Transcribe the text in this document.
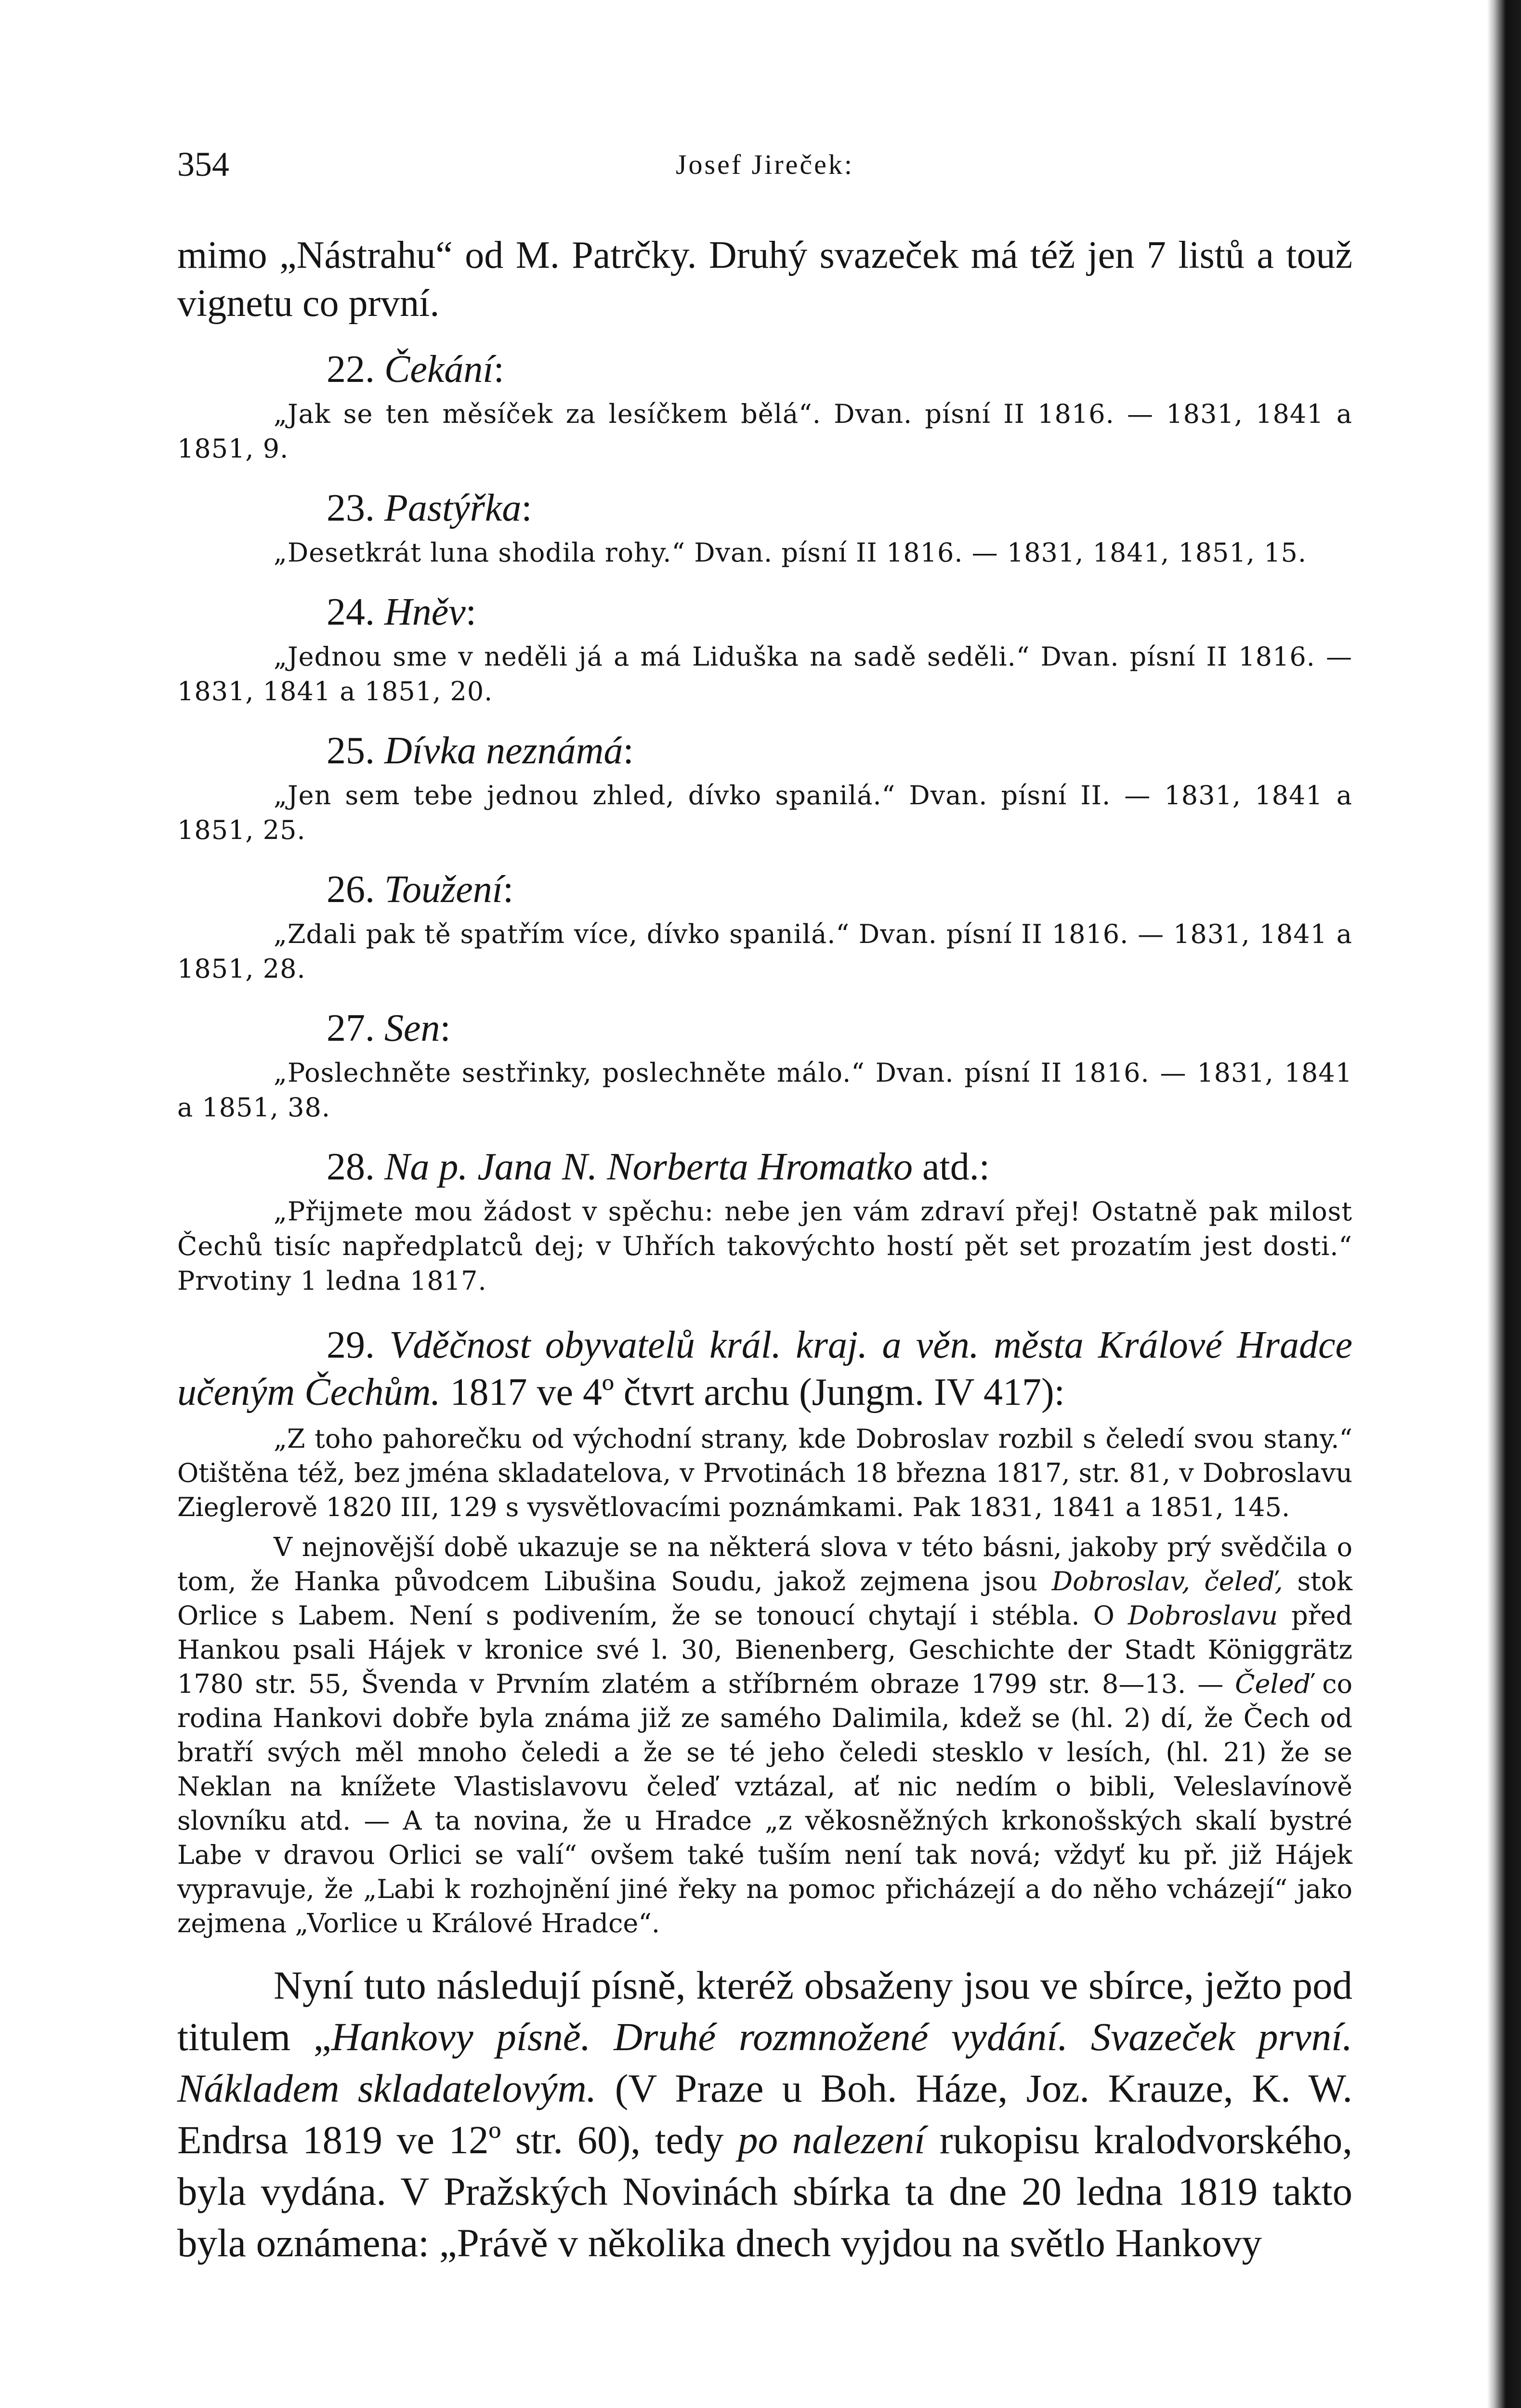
354	Josef Jireček:

mimo „Nástrahu“ od M. Patrčky. Druhý svazeček má též jen 7 listů a touž vignetu co první.

22. Čekání:

„Jak se ten měsíček za lesíčkem bělá“. Dvan. písní II 1816. — 1831, 1841 a 1851, 9.

23. Pastýřka:

„Desetkrát luna shodila rohy.“ Dvan. písní II 1816. — 1831, 1841, 1851, 15.

24. Hněv:

„Jednou sme v neděli já a má Liduška na sadě seděli.“ Dvan. písní II 1816. — 1831, 1841 a 1851, 20.

25. Dívka neznámá:

„Jen sem tebe jednou zhled, dívko spanilá.“ Dvan. písní II. — 1831, 1841 a 1851, 25.

26. Toužení:

„Zdali pak tě spatřím více, dívko spanilá.“ Dvan. písní II 1816. — 1831, 1841 a 1851, 28.

27. Sen:

„Poslechněte sestřinky, poslechněte málo.“ Dvan. písní II 1816. — 1831, 1841 a 1851, 38.

28. Na p. Jana N. Norberta Hromatko atd.:

„Přijmete mou žádost v spěchu: nebe jen vám zdraví přej! Ostatně pak milost Čechů tisíc napředplatců dej; v Uhřích takovýchto hostí pět set prozatím jest dosti.“ Prvotiny 1 ledna 1817.

29. Vděčnost obyvatelů král. kraj. a věn. města Králové Hradce učeným Čechům. 1817 ve 4º čtvrt archu (Jungm. IV 417):

„Z toho pahorečku od východní strany, kde Dobroslav rozbil s čeledí svou stany.“ Otištěna též, bez jména skladatelova, v Prvotinách 18 března 1817, str. 81, v Dobroslavu Zieglerově 1820 III, 129 s vysvětlovacími poznámkami. Pak 1831, 1841 a 1851, 145.

V nejnovější době ukazuje se na některá slova v této básni, jakoby prý svědčila o tom, že Hanka původcem Libušina Soudu, jakož zejmena jsou Dobroslav, čeleď, stok Orlice s Labem. Není s podivením, že se tonoucí chytají i stébla. O Dobroslavu před Hankou psali Hájek v kronice své l. 30, Bienenberg, Geschichte der Stadt Königgrätz 1780 str. 55, Švenda v Prvním zlatém a stříbrném obraze 1799 str. 8—13. — Čeleď co rodina Hankovi dobře byla známa již ze samého Dalimila, kdež se (hl. 2) dí, že Čech od bratří svých měl mnoho čeledi a že se té jeho čeledi stesklo v lesích, (hl. 21) že se Neklan na knížete Vlastislavovu čeleď vztázal, ať nic nedím o bibli, Veleslavínově slovníku atd. — A ta novina, že u Hradce „z věkosněžných krkonošských skalí bystré Labe v dravou Orlici se valí“ ovšem také tuším není tak nová; vždyť ku př. již Hájek vypravuje, že „Labi k rozhojnění jiné řeky na pomoc přicházejí a do něho vcházejí“ jako zejmena „Vorlice u Králové Hradce“.

Nyní tuto následují písně, kteréž obsaženy jsou ve sbírce, ježto pod titulem „Hankovy písně. Druhé rozmnožené vydání. Svazeček první. Nákladem skladatelovým. (V Praze u Boh. Háze, Joz. Krauze, K. W. Endrsa 1819 ve 12º str. 60), tedy po nalezení rukopisu kralodvorského, byla vydána. V Pražských Novinách sbírka ta dne 20 ledna 1819 takto byla oznámena: „Právě v několika dnech vyjdou na světlo Hankovy
